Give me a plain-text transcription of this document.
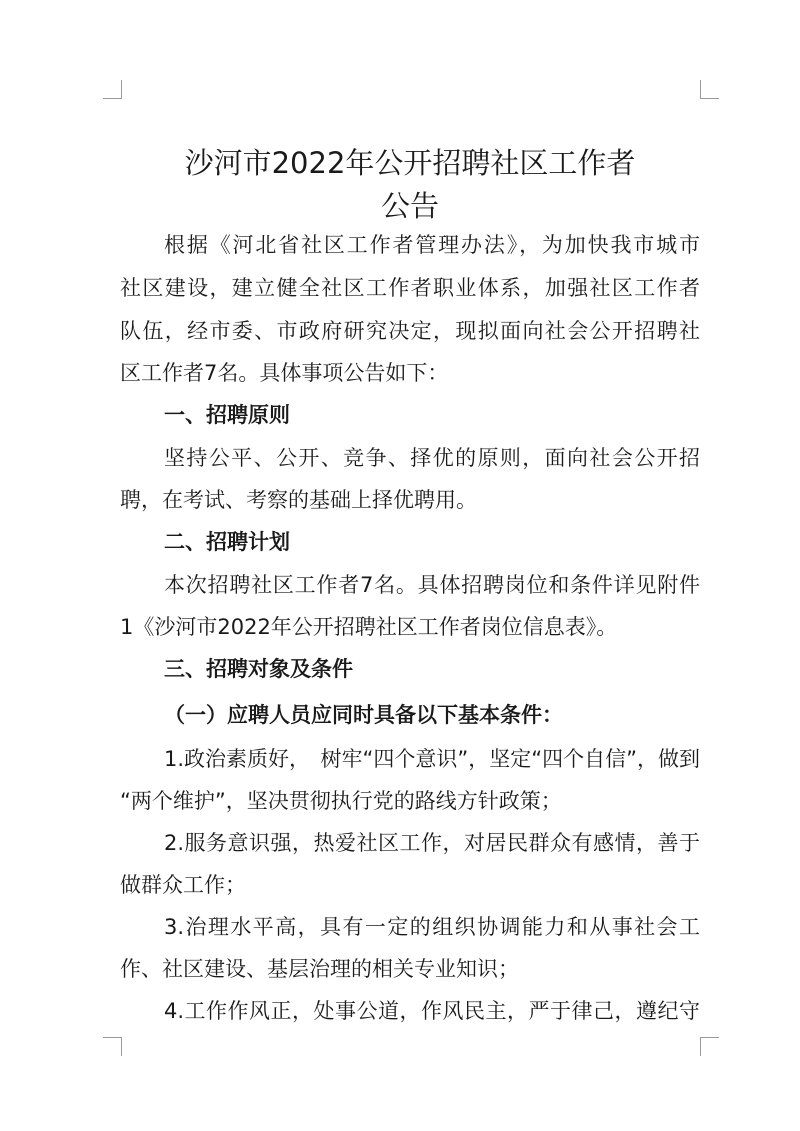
沙河市2022年公开招聘社区工作者
公告
根据《河北省社区工作者管理办法》，为加快我市城市
社区建设，建立健全社区工作者职业体系，加强社区工作者
队伍，经市委、市政府研究决定，现拟面向社会公开招聘社
区工作者7名。具体事项公告如下：
一、招聘原则
坚持公平、公开、竞争、择优的原则，面向社会公开招
聘，在考试、考察的基础上择优聘用。
二、招聘计划
本次招聘社区工作者7名。具体招聘岗位和条件详见附件
1《沙河市2022年公开招聘社区工作者岗位信息表》。
三、招聘对象及条件
（一）应聘人员应同时具备以下基本条件：
1.政治素质好，　树牢“四个意识”，坚定“四个自信”，做到
“两个维护”，坚决贯彻执行党的路线方针政策；
2.服务意识强，热爱社区工作，对居民群众有感情，善于
做群众工作；
3.治理水平高，具有一定的组织协调能力和从事社会工
作、社区建设、基层治理的相关专业知识；
4.工作作风正，处事公道，作风民主，严于律己，遵纪守
